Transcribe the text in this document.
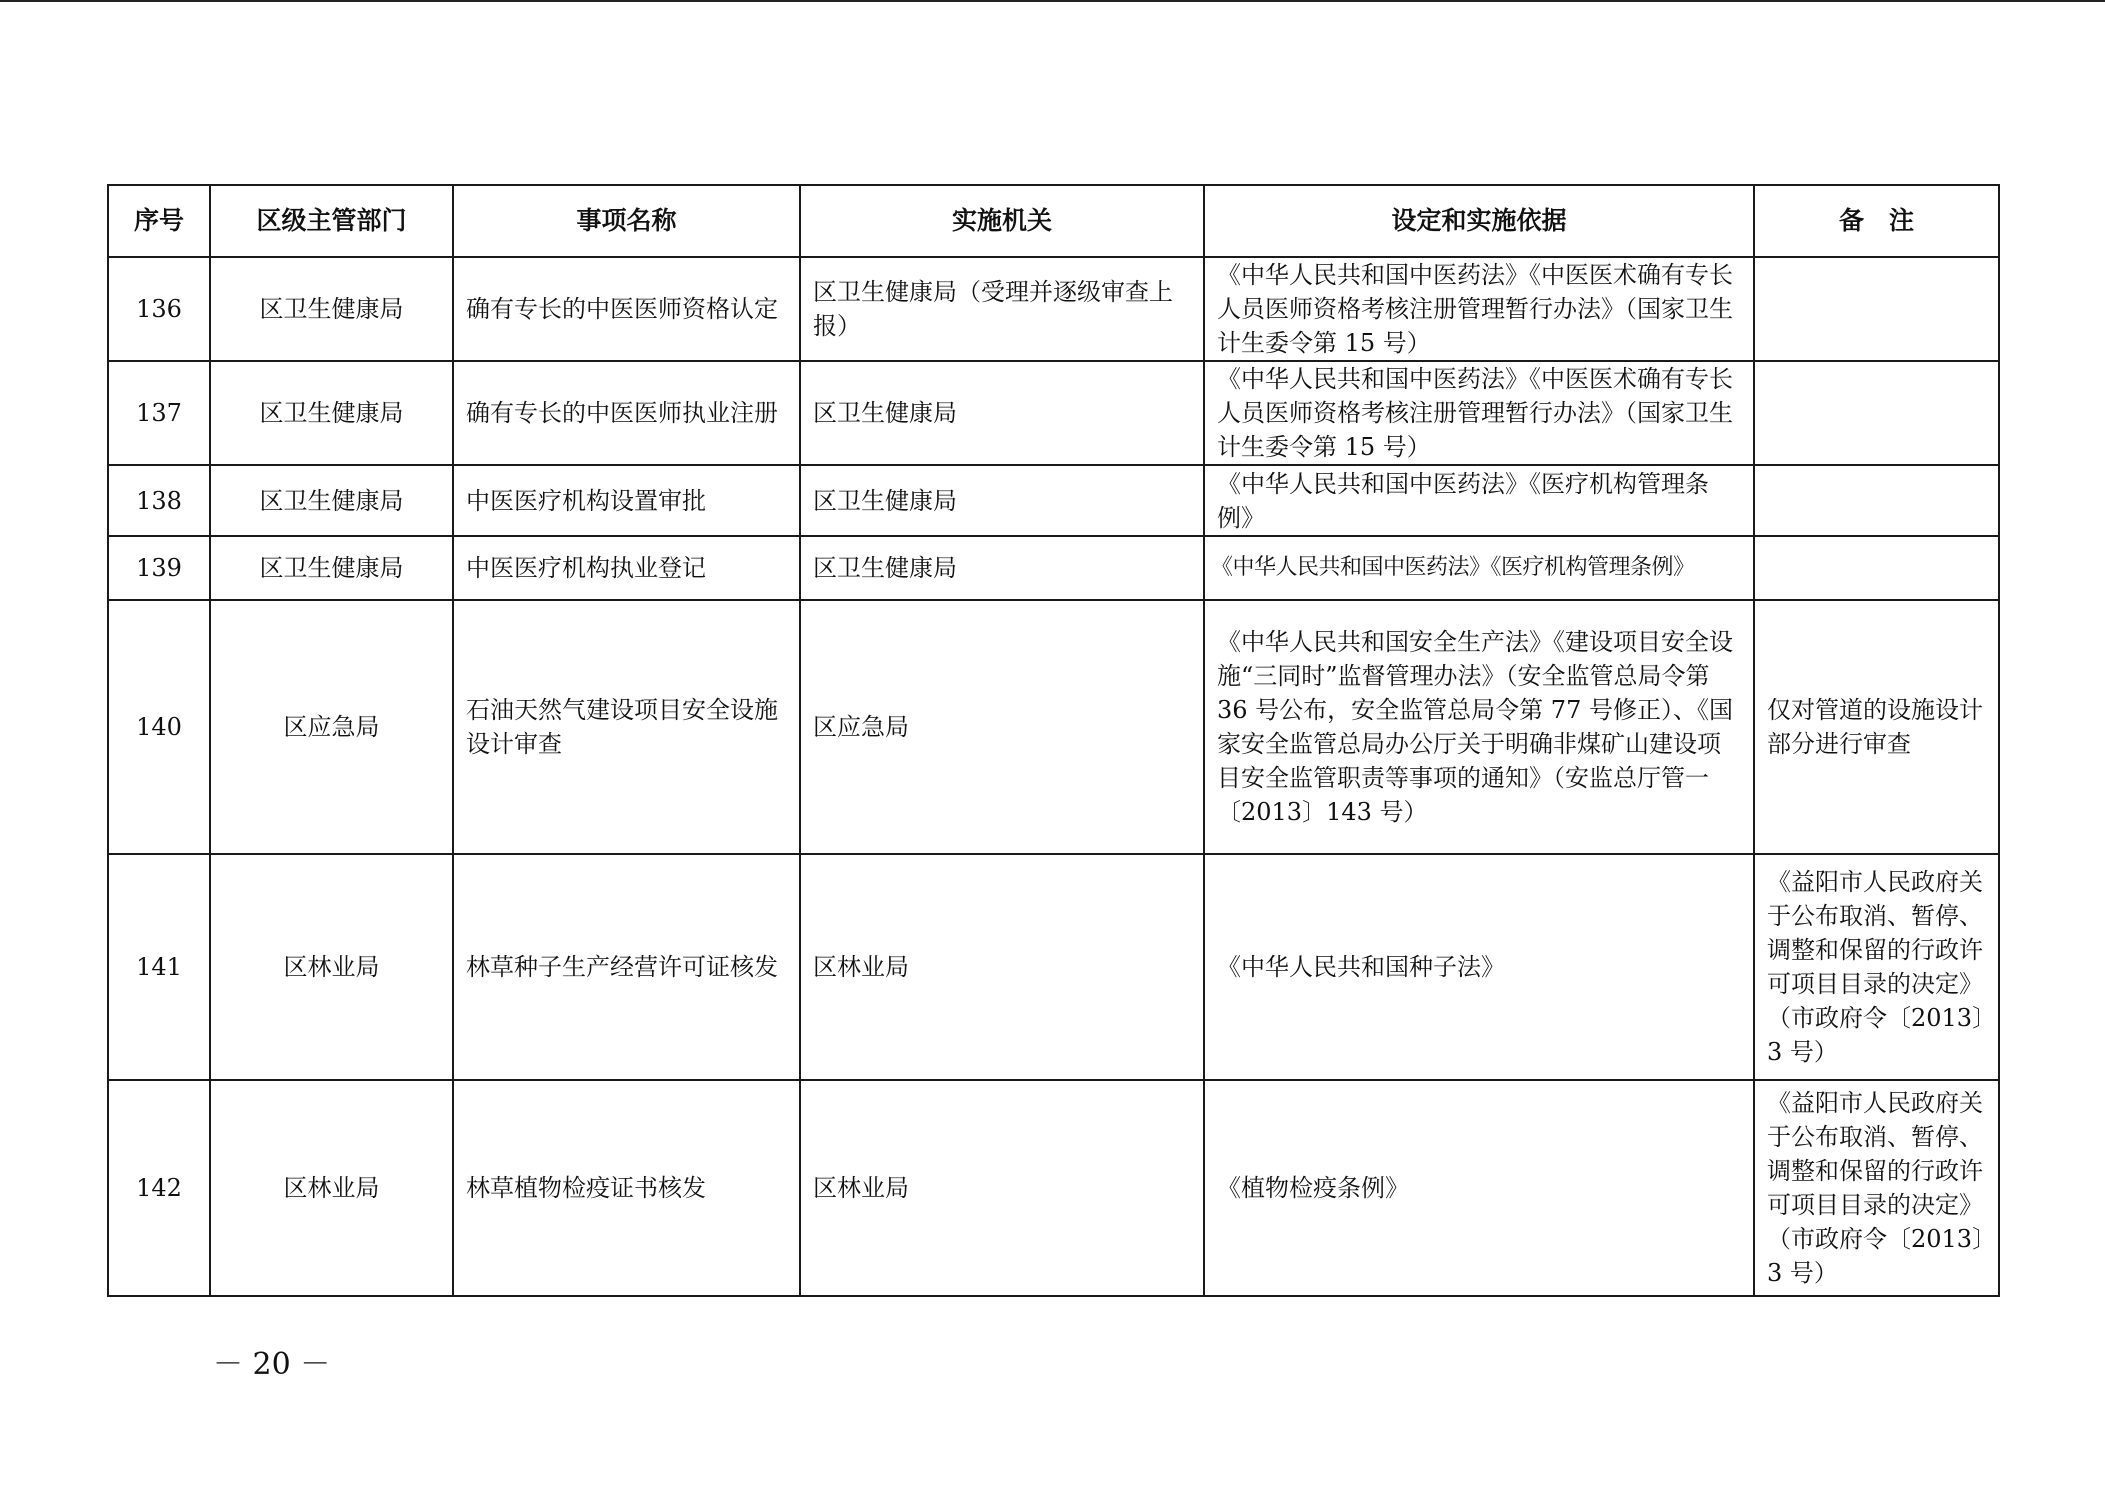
序号	区级主管部门	事项名称	实施机关	设定和实施依据	备　注
136	区卫生健康局	确有专长的中医医师资格认定	区卫生健康局（受理并逐级审查上报）	《中华人民共和国中医药法》《中医医术确有专长人员医师资格考核注册管理暂行办法》（国家卫生计生委令第 15 号）	
137	区卫生健康局	确有专长的中医医师执业注册	区卫生健康局	《中华人民共和国中医药法》《中医医术确有专长人员医师资格考核注册管理暂行办法》（国家卫生计生委令第 15 号）	
138	区卫生健康局	中医医疗机构设置审批	区卫生健康局	《中华人民共和国中医药法》《医疗机构管理条例》	
139	区卫生健康局	中医医疗机构执业登记	区卫生健康局	《中华人民共和国中医药法》《医疗机构管理条例》	
140	区应急局	石油天然气建设项目安全设施设计审查	区应急局	《中华人民共和国安全生产法》《建设项目安全设施“三同时”监督管理办法》（安全监管总局令第 36 号公布，安全监管总局令第 77 号修正）、《国家安全监管总局办公厅关于明确非煤矿山建设项目安全监管职责等事项的通知》（安监总厅管一〔2013〕143 号）	仅对管道的设施设计部分进行审查
141	区林业局	林草种子生产经营许可证核发	区林业局	《中华人民共和国种子法》	《益阳市人民政府关于公布取消、暂停、调整和保留的行政许可项目目录的决定》（市政府令〔2013〕3 号）
142	区林业局	林草植物检疫证书核发	区林业局	《植物检疫条例》	《益阳市人民政府关于公布取消、暂停、调整和保留的行政许可项目目录的决定》（市政府令〔2013〕3 号）
－ 20 －
